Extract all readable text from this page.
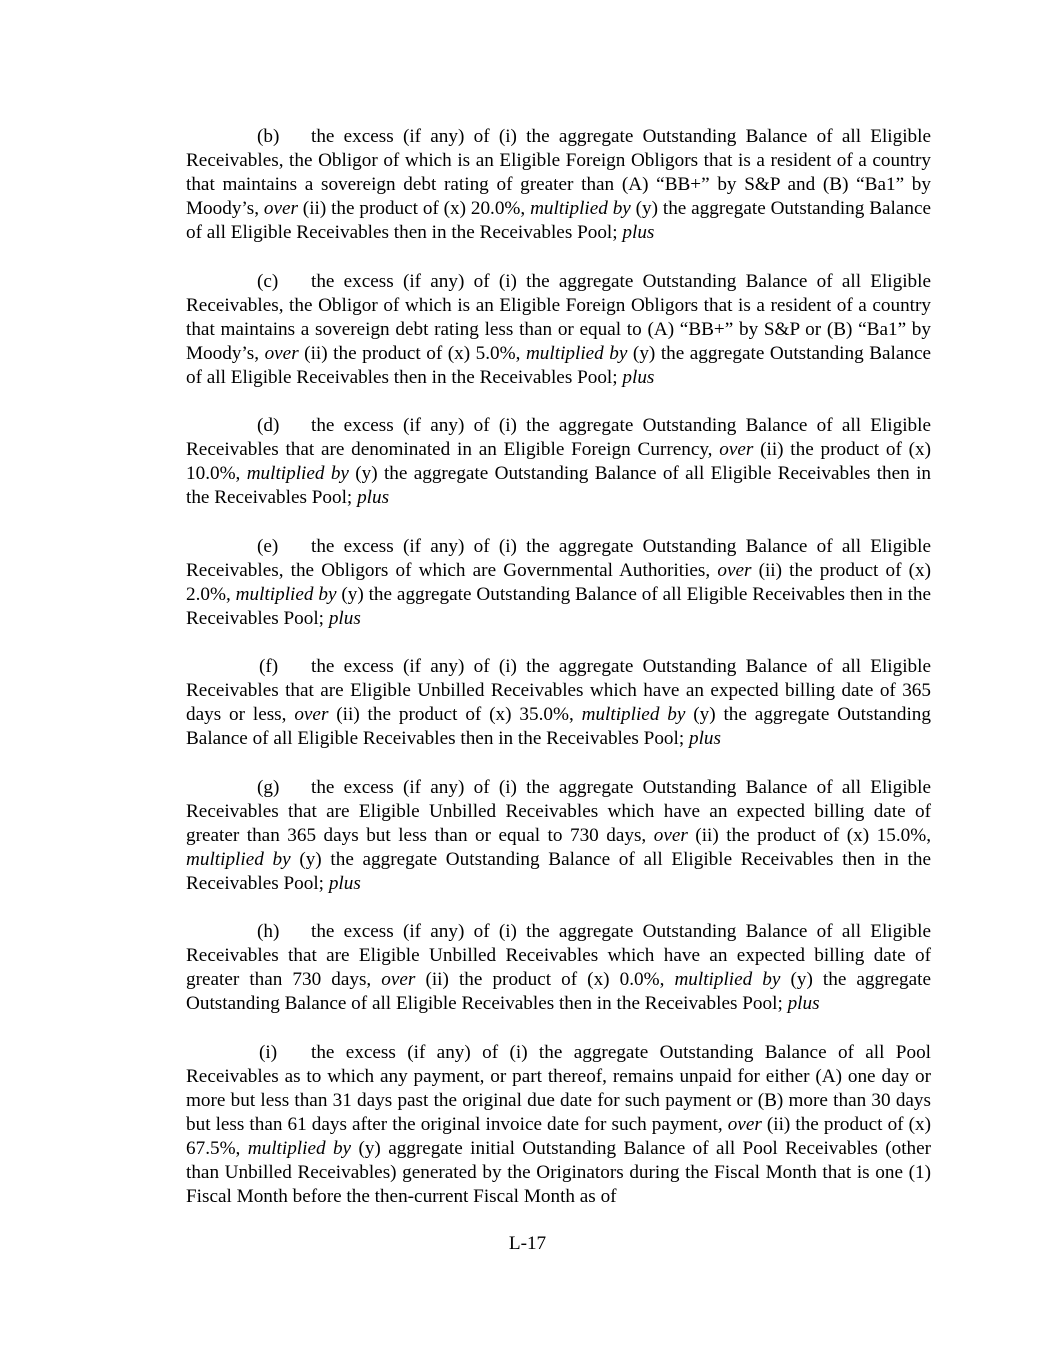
(b) the excess (if any) of (i) the aggregate Outstanding Balance of all Eligible Receivables, the Obligor of which is an Eligible Foreign Obligors that is a resident of a country that maintains a sovereign debt rating of greater than (A) “BB+” by S&P and (B) “Ba1” by Moody’s, over (ii) the product of (x) 20.0%, multiplied by (y) the aggregate Outstanding Balance of all Eligible Receivables then in the Receivables Pool; plus

(c) the excess (if any) of (i) the aggregate Outstanding Balance of all Eligible Receivables, the Obligor of which is an Eligible Foreign Obligors that is a resident of a country that maintains a sovereign debt rating less than or equal to (A) “BB+” by S&P or (B) “Ba1” by Moody’s, over (ii) the product of (x) 5.0%, multiplied by (y) the aggregate Outstanding Balance of all Eligible Receivables then in the Receivables Pool; plus

(d) the excess (if any) of (i) the aggregate Outstanding Balance of all Eligible Receivables that are denominated in an Eligible Foreign Currency, over (ii) the product of (x) 10.0%, multiplied by (y) the aggregate Outstanding Balance of all Eligible Receivables then in the Receivables Pool; plus

(e) the excess (if any) of (i) the aggregate Outstanding Balance of all Eligible Receivables, the Obligors of which are Governmental Authorities, over (ii) the product of (x) 2.0%, multiplied by (y) the aggregate Outstanding Balance of all Eligible Receivables then in the Receivables Pool; plus

(f) the excess (if any) of (i) the aggregate Outstanding Balance of all Eligible Receivables that are Eligible Unbilled Receivables which have an expected billing date of 365 days or less, over (ii) the product of (x) 35.0%, multiplied by (y) the aggregate Outstanding Balance of all Eligible Receivables then in the Receivables Pool; plus

(g) the excess (if any) of (i) the aggregate Outstanding Balance of all Eligible Receivables that are Eligible Unbilled Receivables which have an expected billing date of greater than 365 days but less than or equal to 730 days, over (ii) the product of (x) 15.0%, multiplied by (y) the aggregate Outstanding Balance of all Eligible Receivables then in the Receivables Pool; plus

(h) the excess (if any) of (i) the aggregate Outstanding Balance of all Eligible Receivables that are Eligible Unbilled Receivables which have an expected billing date of greater than 730 days, over (ii) the product of (x) 0.0%, multiplied by (y) the aggregate Outstanding Balance of all Eligible Receivables then in the Receivables Pool; plus

(i) the excess (if any) of (i) the aggregate Outstanding Balance of all Pool Receivables as to which any payment, or part thereof, remains unpaid for either (A) one day or more but less than 31 days past the original due date for such payment or (B) more than 30 days but less than 61 days after the original invoice date for such payment, over (ii) the product of (x) 67.5%, multiplied by (y) aggregate initial Outstanding Balance of all Pool Receivables (other than Unbilled Receivables) generated by the Originators during the Fiscal Month that is one (1) Fiscal Month before the then-current Fiscal Month as of

L-17
